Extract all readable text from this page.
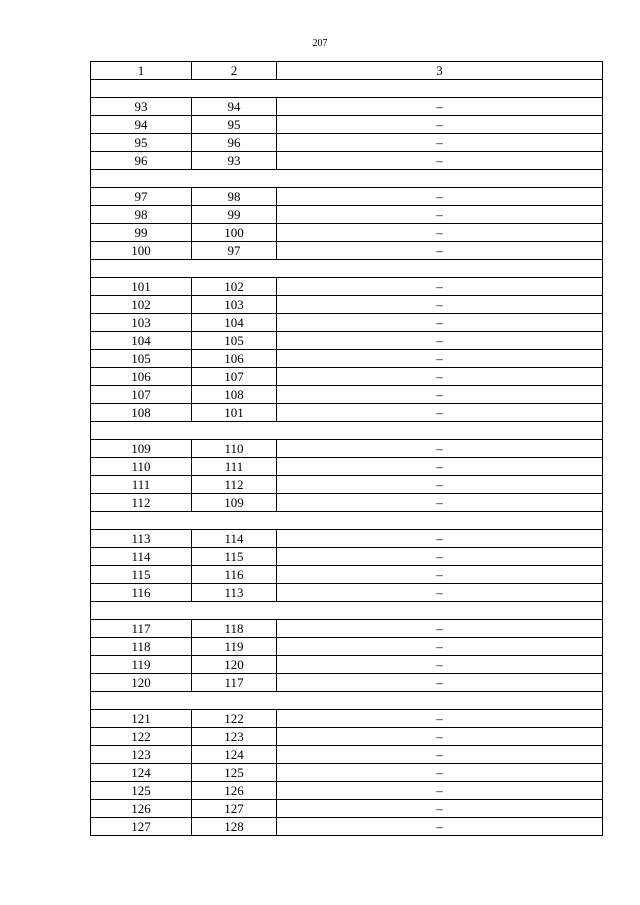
207
1	2	3

93	94	–
94	95	–
95	96	–
96	93	–

97	98	–
98	99	–
99	100	–
100	97	–

101	102	–
102	103	–
103	104	–
104	105	–
105	106	–
106	107	–
107	108	–
108	101	–

109	110	–
110	111	–
111	112	–
112	109	–

113	114	–
114	115	–
115	116	–
116	113	–

117	118	–
118	119	–
119	120	–
120	117	–

121	122	–
122	123	–
123	124	–
124	125	–
125	126	–
126	127	–
127	128	–
